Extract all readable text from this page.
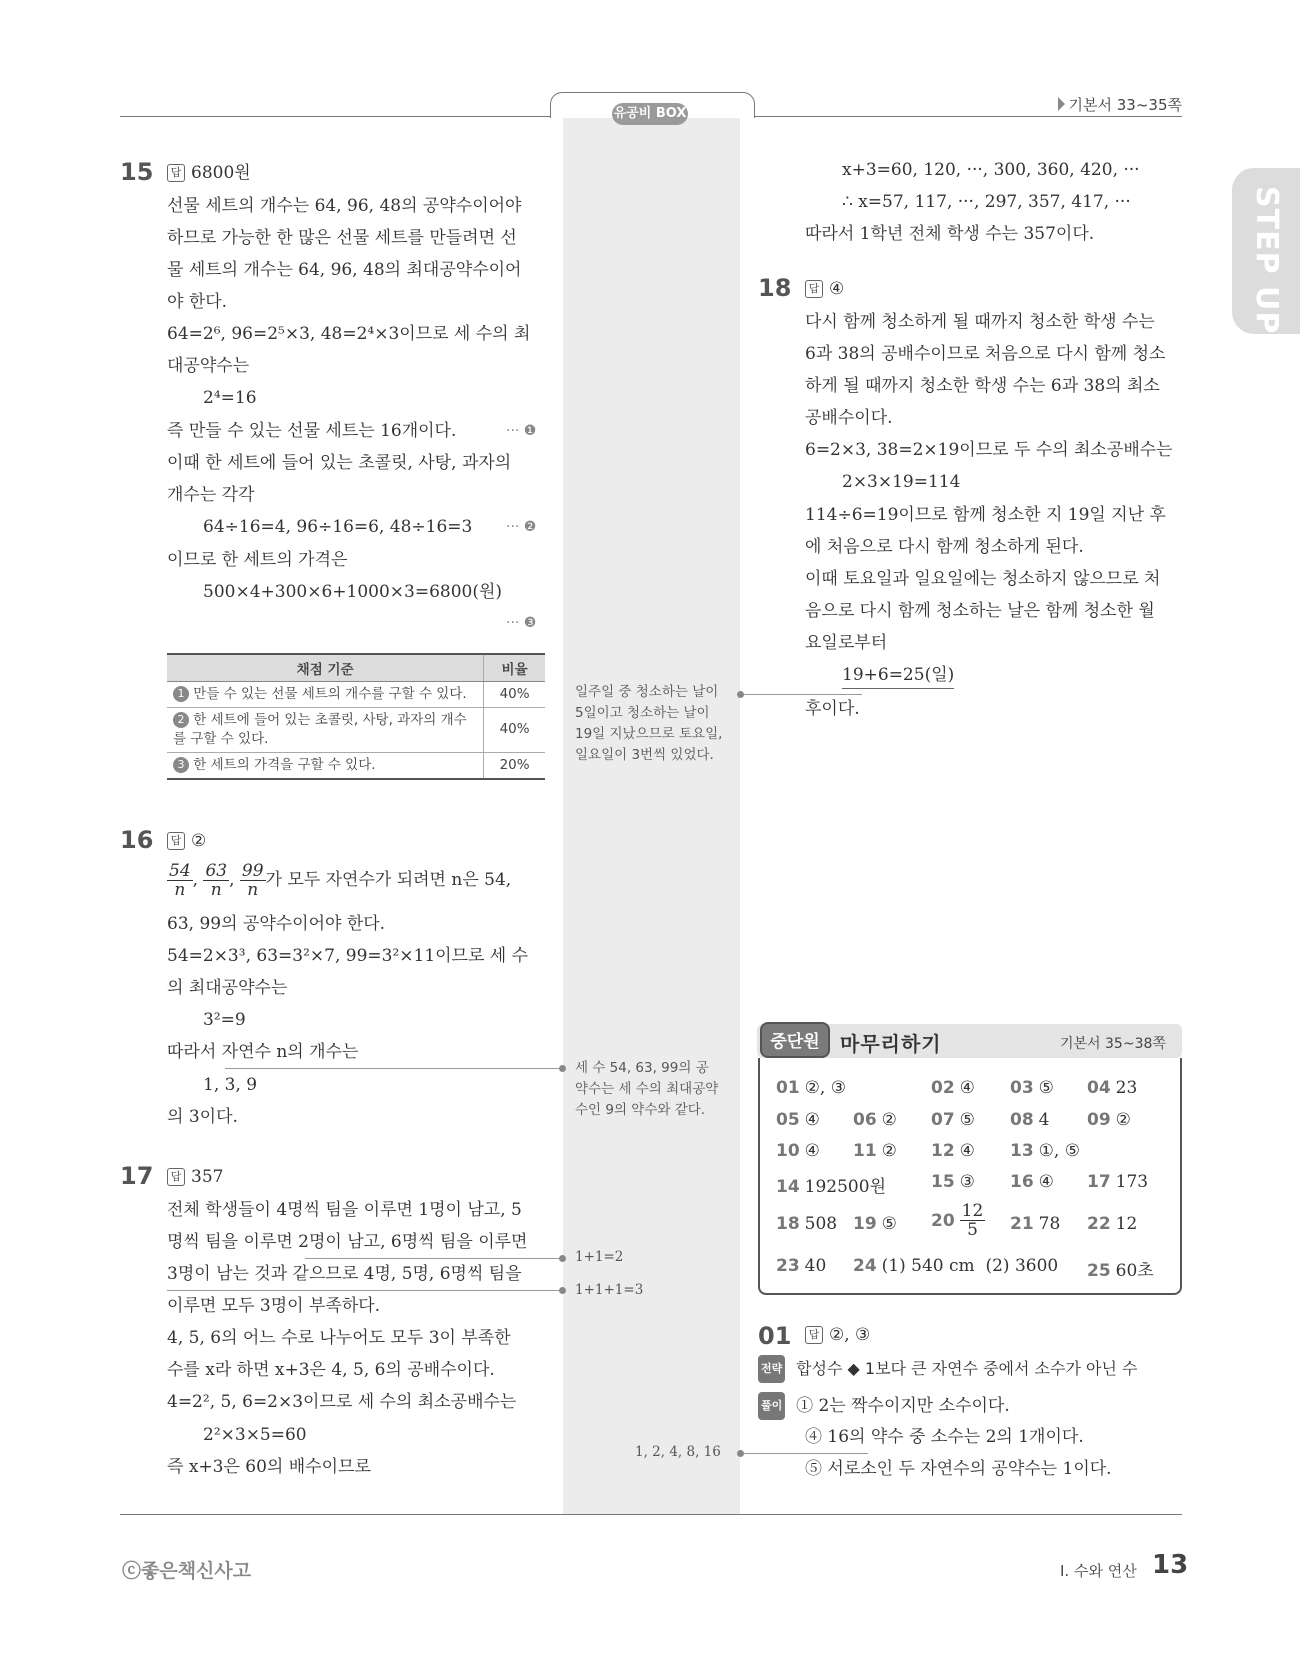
유공비 BOX	기본서 33~35쪽
STEP UP
15	답 6800원
선물 세트의 개수는 64, 96, 48의 공약수이어야
하므로 가능한 한 많은 선물 세트를 만들려면 선
물 세트의 개수는 64, 96, 48의 최대공약수이어
야 한다.
64=2⁶, 96=2⁵×3, 48=2⁴×3이므로 세 수의 최
대공약수는
2⁴=16
즉 만들 수 있는 선물 세트는 16개이다.	··· ❶
이때 한 세트에 들어 있는 초콜릿, 사탕, 과자의
개수는 각각
64÷16=4, 96÷16=6, 48÷16=3 ··· ❷
이므로 한 세트의 가격은
500×4+300×6+1000×3=6800(원)
··· ❸
채점 기준	비율
1 만들 수 있는 선물 세트의 개수를 구할 수 있다.	40%
2 한 세트에 들어 있는 초콜릿, 사탕, 과자의 개수를 구할 수 있다.	40%
3 한 세트의 가격을 구할 수 있다.	20%
16	답 ②
$\frac{54}{n}$ , $\frac{63}{n}$ , $\frac{99}{n}$ 가 모두 자연수가 되려면 n은 54,
63, 99의 공약수이어야 한다.
54=2×3³, 63=3²×7, 99=3²×11이므로 세 수
의 최대공약수는
3²=9
따라서 자연수 n의 개수는
1, 3, 9
의 3이다.
17	답 357
전체 학생들이 4명씩 팀을 이루면 1명이 남고, 5
명씩 팀을 이루면 2명이 남고, 6명씩 팀을 이루면
3명이 남는 것과 같으므로 4명, 5명, 6명씩 팀을
이루면 모두 3명이 부족하다.
4, 5, 6의 어느 수로 나누어도 모두 3이 부족한
수를 x라 하면 x+3은 4, 5, 6의 공배수이다.
4=2², 5, 6=2×3이므로 세 수의 최소공배수는
2²×3×5=60
즉 x+3은 60의 배수이므로
x+3=60, 120, ···, 300, 360, 420, ···
∴ x=57, 117, ···, 297, 357, 417, ···
따라서 1학년 전체 학생 수는 357이다.
18	답 ④
다시 함께 청소하게 될 때까지 청소한 학생 수는
6과 38의 공배수이므로 처음으로 다시 함께 청소
하게 될 때까지 청소한 학생 수는 6과 38의 최소
공배수이다.
6=2×3, 38=2×19이므로 두 수의 최소공배수는
2×3×19=114
114÷6=19이므로 함께 청소한 지 19일 지난 후
에 처음으로 다시 함께 청소하게 된다.
이때 토요일과 일요일에는 청소하지 않으므로 처
음으로 다시 함께 청소하는 날은 함께 청소한 월
요일로부터
19+6=25(일)
후이다.
일주일 중 청소하는 날이
5일이고 청소하는 날이
19일 지났으므로 토요일,
일요일이 3번씩 있었다.
세 수 54, 63, 99의 공
약수는 세 수의 최대공약
수인 9의 약수와 같다.
1+1=2
1+1+1=3
1, 2, 4, 8, 16
중단원	마무리하기	기본서 35~38쪽
01 ②, ③	02 ④ 03 ⑤ 04 23
05 ④ 06 ② 07 ⑤ 08 4 09 ②
10 ④ 11 ② 12 ④ 13 ①, ⑤
14 192500원	15 ③ 16 ④ 17 173
18 508 19 ⑤ $20 \frac{12}{5} 21$ 78 22 12
23 40 24 (1) 540 cm  (2) 3600 25 60초
01	답 ②, ③
전략 합성수 ◆ 1보다 큰 자연수 중에서 소수가 아닌 수
풀이 ① 2는 짝수이지만 소수이다.
④ 16의 약수 중 소수는 2의 1개이다.
⑤ 서로소인 두 자연수의 공약수는 1이다.
ⓒ좋은책신사고	I. 수와 연산 13
